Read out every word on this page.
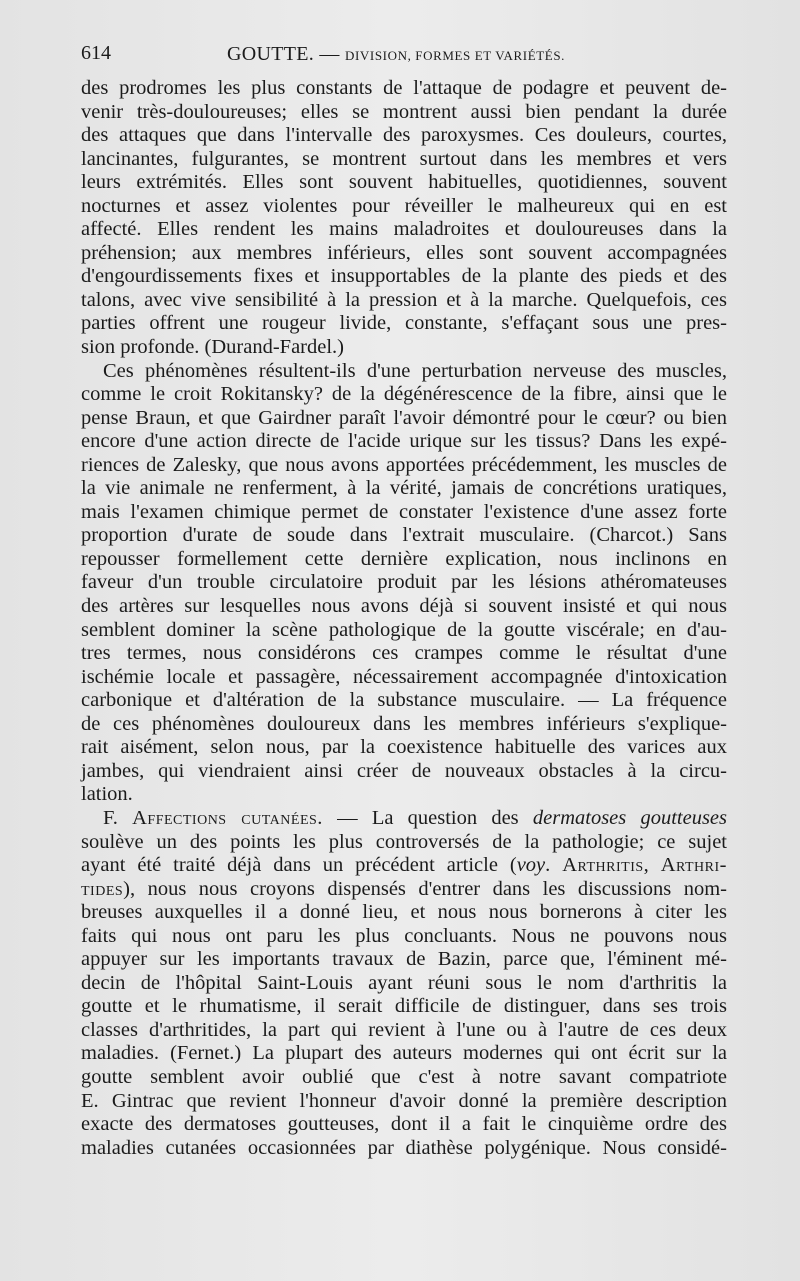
614	GOUTTE. — DIVISION, FORMES ET VARIÉTÉS.
des prodromes les plus constants de l'attaque de podagre et peuvent de-
venir très-douloureuses; elles se montrent aussi bien pendant la durée
des attaques que dans l'intervalle des paroxysmes. Ces douleurs, courtes,
lancinantes, fulgurantes, se montrent surtout dans les membres et vers
leurs extrémités. Elles sont souvent habituelles, quotidiennes, souvent
nocturnes et assez violentes pour réveiller le malheureux qui en est
affecté. Elles rendent les mains maladroites et douloureuses dans la
préhension; aux membres inférieurs, elles sont souvent accompagnées
d'engourdissements fixes et insupportables de la plante des pieds et des
talons, avec vive sensibilité à la pression et à la marche. Quelquefois, ces
parties offrent une rougeur livide, constante, s'effaçant sous une pres-
sion profonde. (Durand-Fardel.)
Ces phénomènes résultent-ils d'une perturbation nerveuse des muscles,
comme le croit Rokitansky? de la dégénérescence de la fibre, ainsi que le
pense Braun, et que Gairdner paraît l'avoir démontré pour le cœur? ou bien
encore d'une action directe de l'acide urique sur les tissus? Dans les expé-
riences de Zalesky, que nous avons apportées précédemment, les muscles de
la vie animale ne renferment, à la vérité, jamais de concrétions uratiques,
mais l'examen chimique permet de constater l'existence d'une assez forte
proportion d'urate de soude dans l'extrait musculaire. (Charcot.) Sans
repousser formellement cette dernière explication, nous inclinons en
faveur d'un trouble circulatoire produit par les lésions athéromateuses
des artères sur lesquelles nous avons déjà si souvent insisté et qui nous
semblent dominer la scène pathologique de la goutte viscérale; en d'au-
tres termes, nous considérons ces crampes comme le résultat d'une
ischémie locale et passagère, nécessairement accompagnée d'intoxication
carbonique et d'altération de la substance musculaire. — La fréquence
de ces phénomènes douloureux dans les membres inférieurs s'explique-
rait aisément, selon nous, par la coexistence habituelle des varices aux
jambes, qui viendraient ainsi créer de nouveaux obstacles à la circu-
lation.
F. Affections cutanées. — La question des dermatoses goutteuses
soulève un des points les plus controversés de la pathologie; ce sujet
ayant été traité déjà dans un précédent article (voy. Arthritis, Arthri-
tides), nous nous croyons dispensés d'entrer dans les discussions nom-
breuses auxquelles il a donné lieu, et nous nous bornerons à citer les
faits qui nous ont paru les plus concluants. Nous ne pouvons nous
appuyer sur les importants travaux de Bazin, parce que, l'éminent mé-
decin de l'hôpital Saint-Louis ayant réuni sous le nom d'arthritis la
goutte et le rhumatisme, il serait difficile de distinguer, dans ses trois
classes d'arthritides, la part qui revient à l'une ou à l'autre de ces deux
maladies. (Fernet.) La plupart des auteurs modernes qui ont écrit sur la
goutte semblent avoir oublié que c'est à notre savant compatriote
E. Gintrac que revient l'honneur d'avoir donné la première description
exacte des dermatoses goutteuses, dont il a fait le cinquième ordre des
maladies cutanées occasionnées par diathèse polygénique. Nous considé-
